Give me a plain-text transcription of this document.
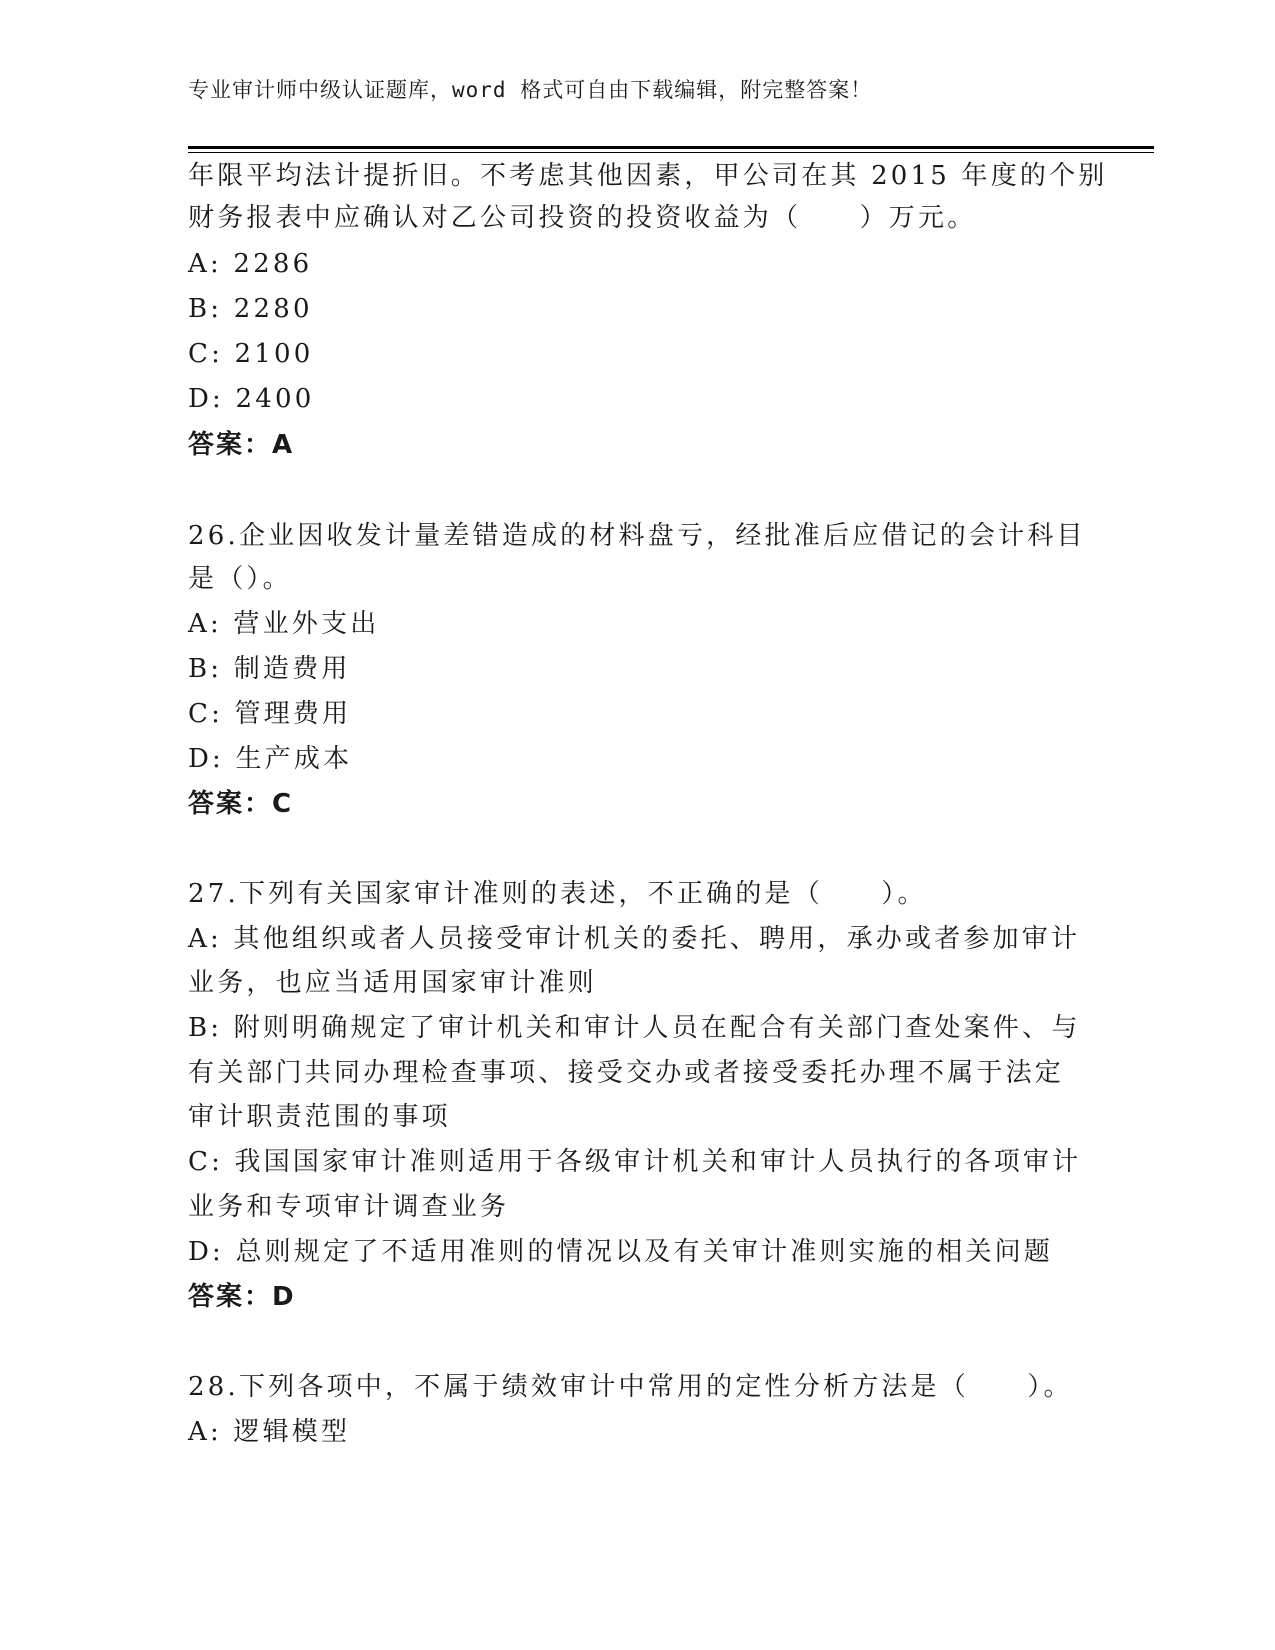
专业审计师中级认证题库，word 格式可自由下载编辑，附完整答案！
年限平均法计提折旧。不考虑其他因素，甲公司在其 2015 年度的个别
财务报表中应确认对乙公司投资的投资收益为（　　）万元。
A: 2286
B: 2280
C: 2100
D: 2400
答案：A
26.企业因收发计量差错造成的材料盘亏，经批准后应借记的会计科目
是（）。
A: 营业外支出
B: 制造费用
C: 管理费用
D: 生产成本
答案：C
27.下列有关国家审计准则的表述，不正确的是（　　）。
A: 其他组织或者人员接受审计机关的委托、聘用，承办或者参加审计
业务，也应当适用国家审计准则
B: 附则明确规定了审计机关和审计人员在配合有关部门查处案件、与
有关部门共同办理检查事项、接受交办或者接受委托办理不属于法定
审计职责范围的事项
C: 我国国家审计准则适用于各级审计机关和审计人员执行的各项审计
业务和专项审计调查业务
D: 总则规定了不适用准则的情况以及有关审计准则实施的相关问题
答案：D
28.下列各项中，不属于绩效审计中常用的定性分析方法是（　　）。
A: 逻辑模型
